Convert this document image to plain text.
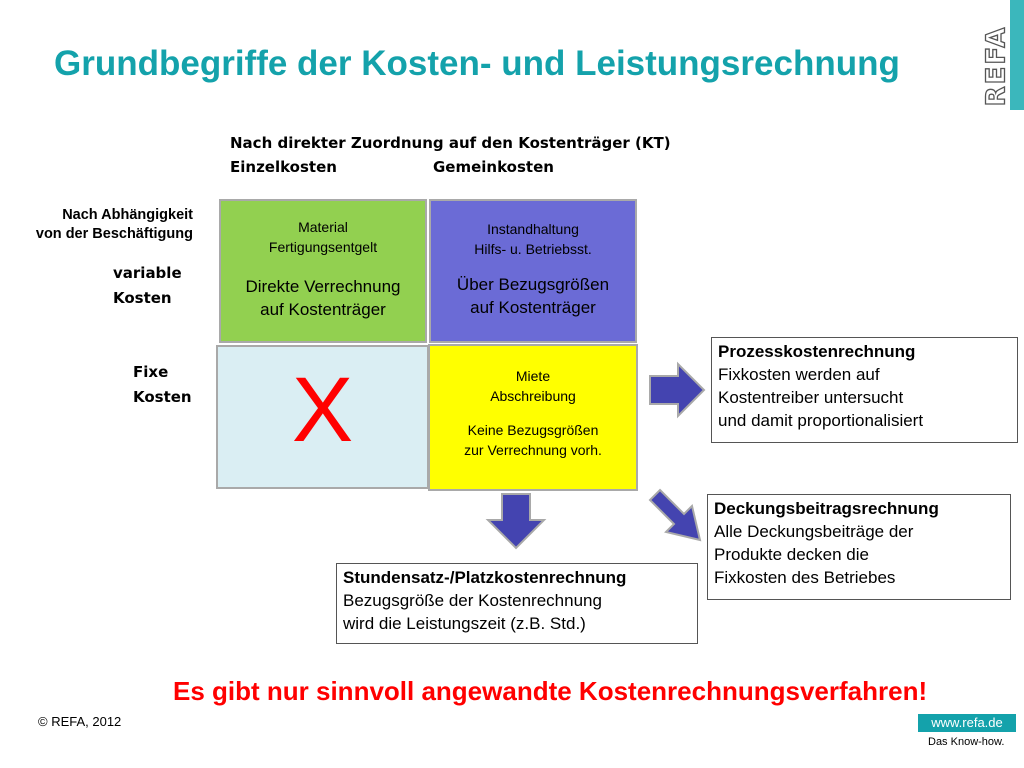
Grundbegriffe der Kosten- und Leistungsrechnung	REFA
Nach direkter Zuordnung auf den Kostenträger (KT)
Einzelkosten	Gemeinkosten
Nach Abhängigkeit
von der Beschäftigung
variable
Kosten
Fixe
Kosten
Material
Fertigungsentgelt
Direkte Verrechnung
auf Kostenträger
Instandhaltung
Hilfs- u. Betriebsst.
Über Bezugsgrößen
auf Kostenträger
X	Miete
Abschreibung
Keine Bezugsgrößen
zur Verrechnung vorh.
Prozesskostenrechnung
Fixkosten werden auf
Kostentreiber untersucht
und damit proportionalisiert
Deckungsbeitragsrechnung
Alle Deckungsbeiträge der
Produkte decken die
Fixkosten des Betriebes
Stundensatz-/Platzkostenrechnung
Bezugsgröße der Kostenrechnung
wird die Leistungszeit (z.B. Std.)
Es gibt nur sinnvoll angewandte Kostenrechnungsverfahren!
© REFA, 2012	www.refa.de
Das Know-how.
